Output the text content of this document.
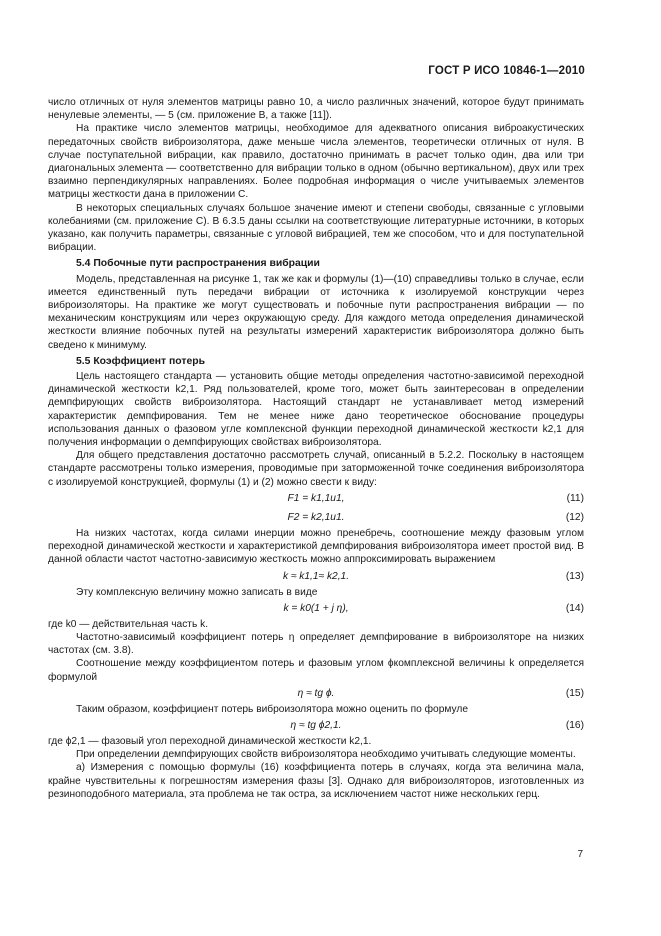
ГОСТ Р ИСО 10846-1—2010

число отличных от нуля элементов матрицы равно 10, а число различных значений, которое будут принимать ненулевые элементы, — 5 (см. приложение В, а также [11]).

На практике число элементов матрицы, необходимое для адекватного описания виброакустических передаточных свойств виброизолятора, даже меньше числа элементов, теоретически отличных от нуля. В случае поступательной вибрации, как правило, достаточно принимать в расчет только один, два или три диагональных элемента — соответственно для вибрации только в одном (обычно вертикальном), двух или трех взаимно перпендикулярных направлениях. Более подробная информация о числе учитываемых элементов матрицы жесткости дана в приложении С.

В некоторых специальных случаях большое значение имеют и степени свободы, связанные с угловыми колебаниями (см. приложение С). В 6.3.5 даны ссылки на соответствующие литературные источники, в которых указано, как получить параметры, связанные с угловой вибрацией, тем же способом, что и для поступательной вибрации.

5.4 Побочные пути распространения вибрации

Модель, представленная на рисунке 1, так же как и формулы (1)—(10) справедливы только в случае, если имеется единственный путь передачи вибрации от источника к изолируемой конструкции через виброизоляторы. На практике же могут существовать и побочные пути распространения вибрации — по механическим конструкциям или через окружающую среду. Для каждого метода определения динамической жесткости влияние побочных путей на результаты измерений характеристик виброизолятора должно быть сведено к минимуму.

5.5 Коэффициент потерь

Цель настоящего стандарта — установить общие методы определения частотно-зависимой переходной динамической жесткости k2,1. Ряд пользователей, кроме того, может быть заинтересован в определении демпфирующих свойств виброизолятора. Настоящий стандарт не устанавливает метод измерений характеристик демпфирования. Тем не менее ниже дано теоретическое обоснование процедуры использования данных о фазовом угле комплексной функции переходной динамической жесткости k2,1 для получения информации о демпфирующих свойствах виброизолятора.

Для общего представления достаточно рассмотреть случай, описанный в 5.2.2. Поскольку в настоящем стандарте рассмотрены только измерения, проводимые при заторможенной точке соединения виброизолятора с изолируемой конструкцией, формулы (1) и (2) можно свести к виду:

F1 = k1,1u1,	(11)
F2 = k2,1u1.	(12)

На низких частотах, когда силами инерции можно пренебречь, соотношение между фазовым углом переходной динамической жесткости и характеристикой демпфирования виброизолятора имеет простой вид. В данной области частот частотно-зависимую жесткость можно аппроксимировать выражением

k ≈ k1,1≈ k2,1.	(13)

Эту комплексную величину можно записать в виде

k = k0(1 + j η),	(14)

где k0 — действительная часть k.

Частотно-зависимый коэффициент потерь η определяет демпфирование в виброизоляторе на низких частотах (см. 3.8).

Соотношение между коэффициентом потерь и фазовым углом ϕкомплексной величины k определяется формулой

η ≈ tg ϕ.	(15)

Таким образом, коэффициент потерь виброизолятора можно оценить по формуле

η ≈ tg ϕ2,1.	(16)

где ϕ2,1 — фазовый угол переходной динамической жесткости k2,1.

При определении демпфирующих свойств виброизолятора необходимо учитывать следующие моменты.

а) Измерения с помощью формулы (16) коэффициента потерь в случаях, когда эта величина мала, крайне чувствительны к погрешностям измерения фазы [3]. Однако для виброизоляторов, изготовленных из резиноподобного материала, эта проблема не так остра, за исключением частот ниже нескольких герц.

7
